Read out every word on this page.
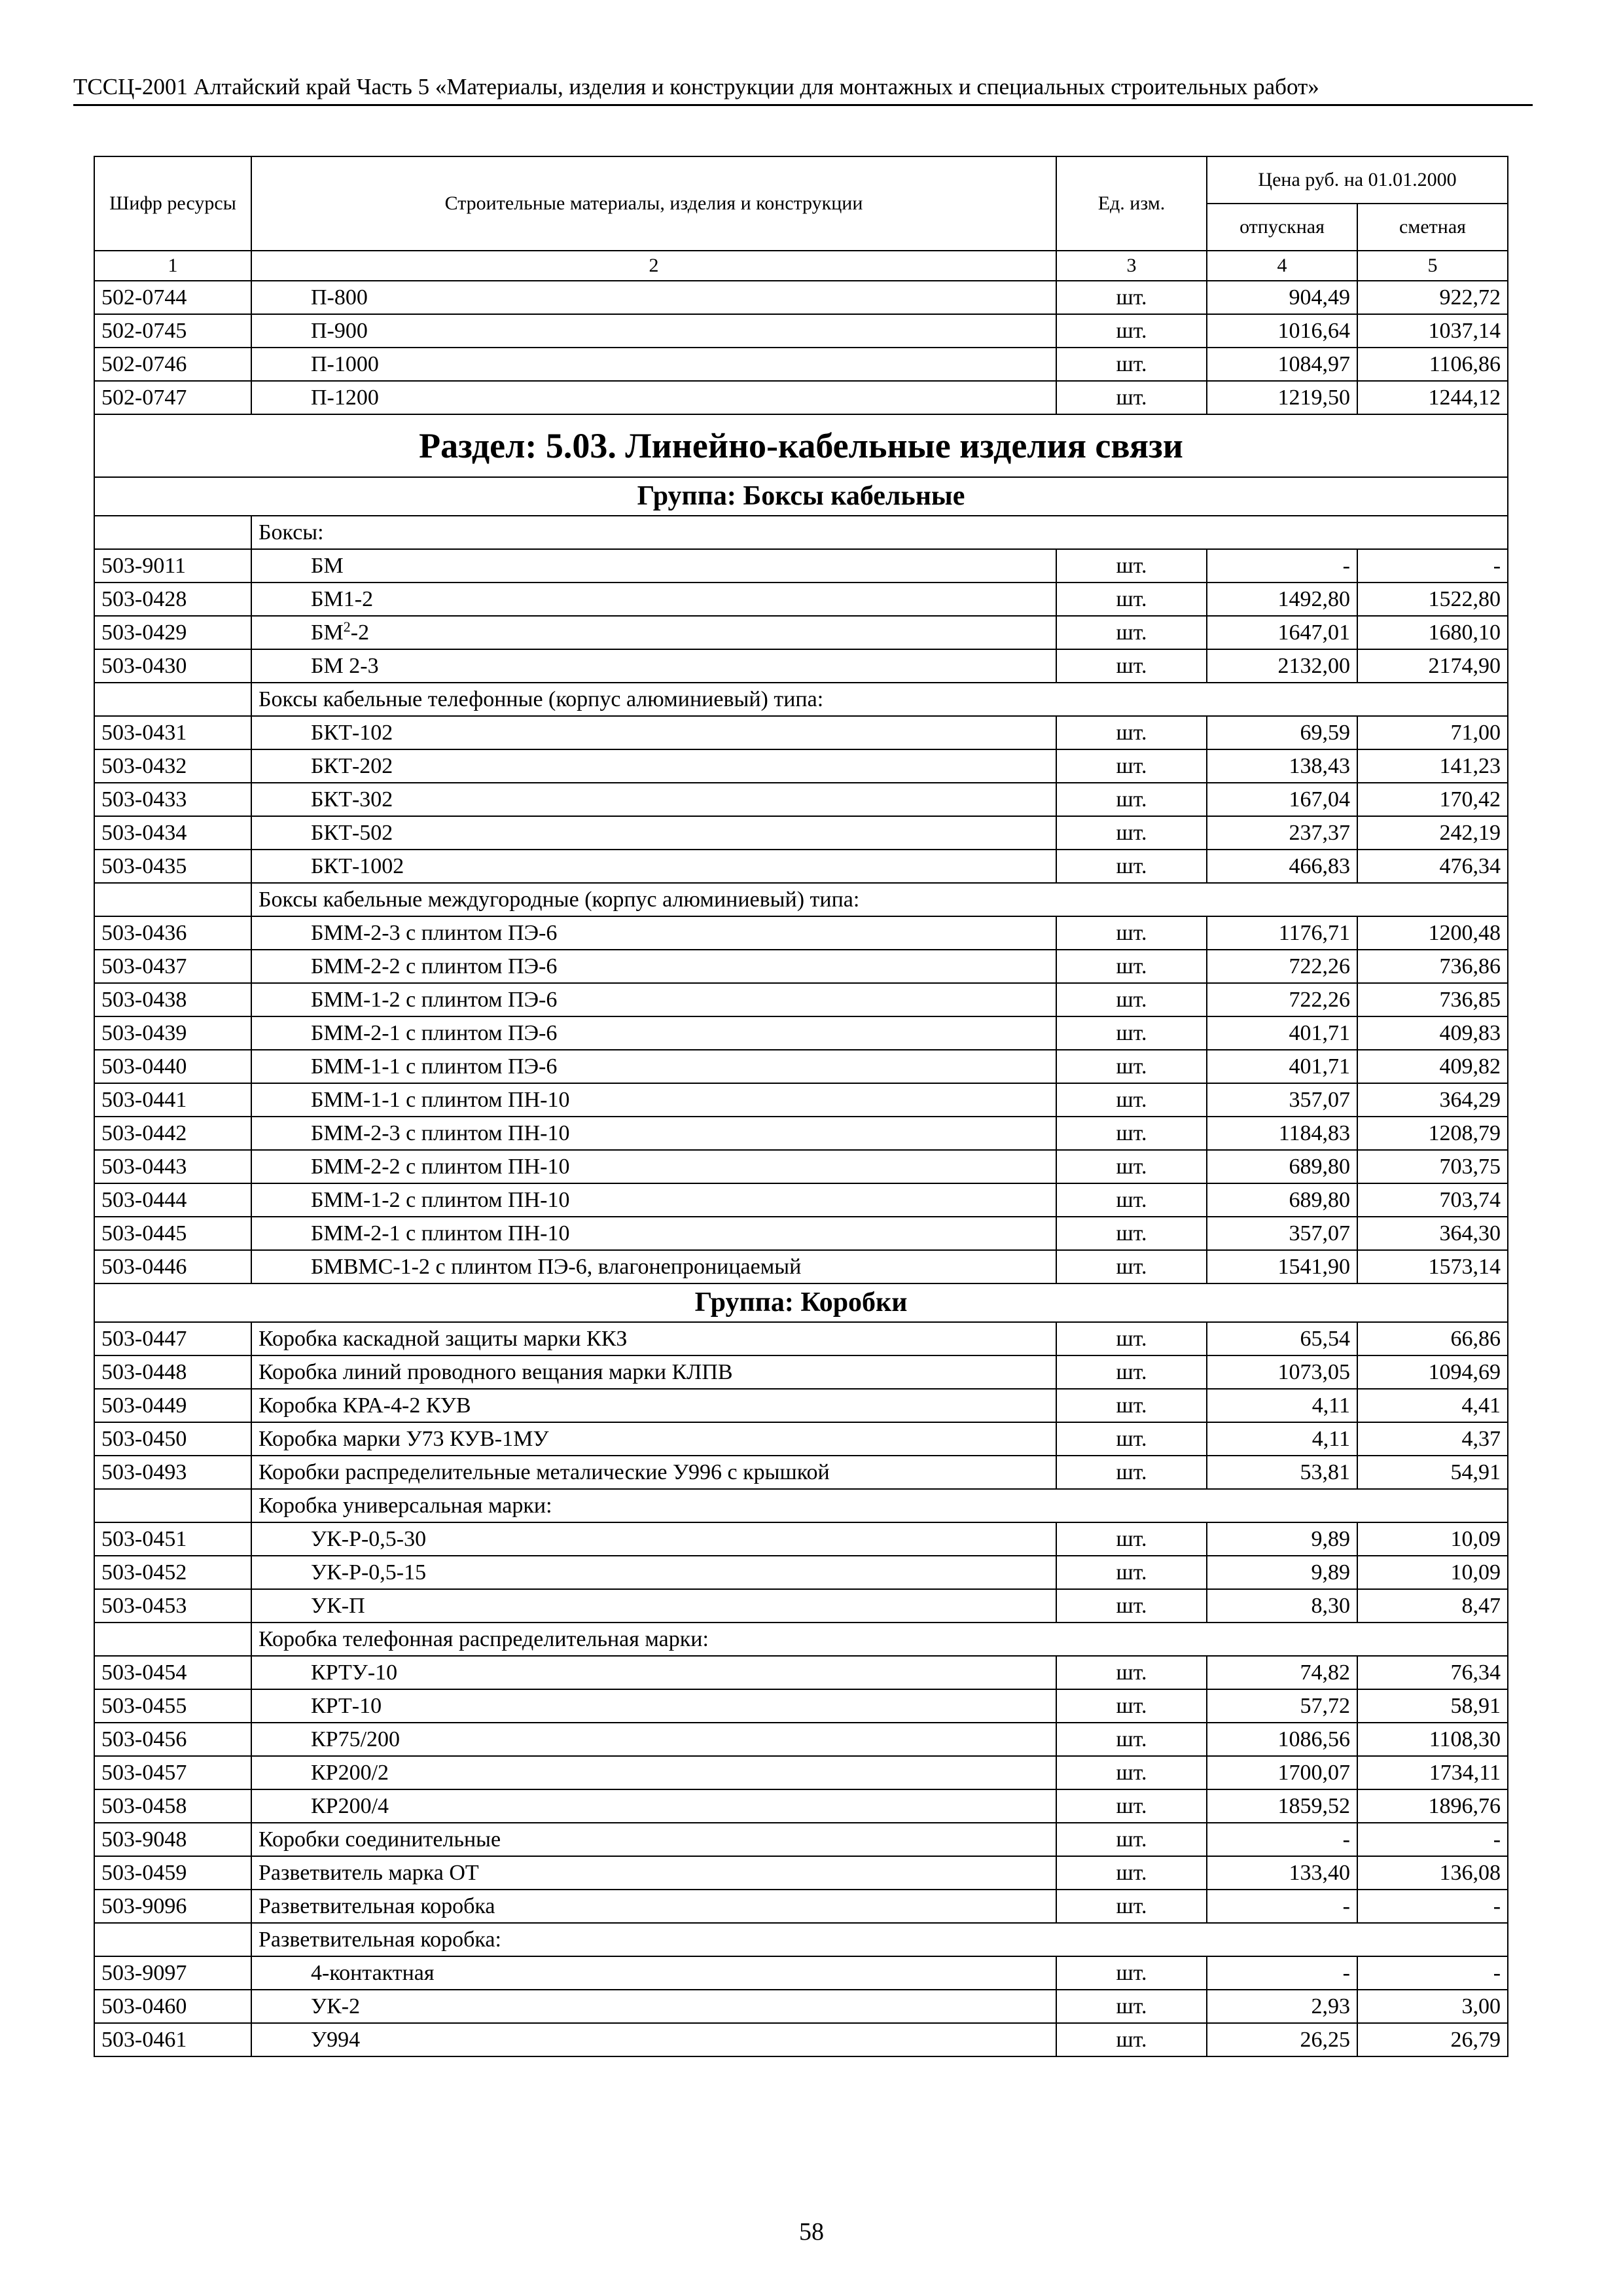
ТССЦ-2001 Алтайский край Часть 5 «Материалы, изделия и конструкции для монтажных и специальных строительных работ»
Шифр ресурсы	Строительные материалы, изделия и конструкции	Ед. изм.	Цена руб. на 01.01.2000	
			отпускная	сметная
1	2	3	4	5
502-0744	П-800	шт.	904,49	922,72
502-0745	П-900	шт.	1016,64	1037,14
502-0746	П-1000	шт.	1084,97	1106,86
502-0747	П-1200	шт.	1219,50	1244,12
Раздел: 5.03. Линейно-кабельные изделия связи				
Группа: Боксы кабельные				
	Боксы:			
503-9011	БМ	шт.	-	-
503-0428	БМ1-2	шт.	1492,80	1522,80
503-0429	$БМ^2-2$	шт.	1647,01	1680,10
503-0430	БМ 2-3	шт.	2132,00	2174,90
	Боксы кабельные телефонные (корпус алюминиевый) типа:			
503-0431	БКТ-102	шт.	69,59	71,00
503-0432	БКТ-202	шт.	138,43	141,23
503-0433	БКТ-302	шт.	167,04	170,42
503-0434	БКТ-502	шт.	237,37	242,19
503-0435	БКТ-1002	шт.	466,83	476,34
	Боксы кабельные междугородные (корпус алюминиевый) типа:			
503-0436	БММ-2-3 с плинтом ПЭ-6	шт.	1176,71	1200,48
503-0437	БММ-2-2 с плинтом ПЭ-6	шт.	722,26	736,86
503-0438	БММ-1-2 с плинтом ПЭ-6	шт.	722,26	736,85
503-0439	БММ-2-1 с плинтом ПЭ-6	шт.	401,71	409,83
503-0440	БММ-1-1 с плинтом ПЭ-6	шт.	401,71	409,82
503-0441	БММ-1-1 с плинтом ПН-10	шт.	357,07	364,29
503-0442	БММ-2-3 с плинтом ПН-10	шт.	1184,83	1208,79
503-0443	БММ-2-2 с плинтом ПН-10	шт.	689,80	703,75
503-0444	БММ-1-2 с плинтом ПН-10	шт.	689,80	703,74
503-0445	БММ-2-1 с плинтом ПН-10	шт.	357,07	364,30
503-0446	БМВМС-1-2 с плинтом ПЭ-6, влагонепроницаемый	шт.	1541,90	1573,14
Группа: Коробки				
503-0447	Коробка каскадной защиты марки ККЗ	шт.	65,54	66,86
503-0448	Коробка линий проводного вещания марки КЛПВ	шт.	1073,05	1094,69
503-0449	Коробка КРА-4-2 КУВ	шт.	4,11	4,41
503-0450	Коробка марки У73 КУВ-1МУ	шт.	4,11	4,37
503-0493	Коробки распределительные металические У996 с крышкой	шт.	53,81	54,91
	Коробка универсальная марки:			
503-0451	УК-Р-0,5-30	шт.	9,89	10,09
503-0452	УК-Р-0,5-15	шт.	9,89	10,09
503-0453	УК-П	шт.	8,30	8,47
	Коробка телефонная распределительная марки:			
503-0454	КРТУ-10	шт.	74,82	76,34
503-0455	КРТ-10	шт.	57,72	58,91
503-0456	КР75/200	шт.	1086,56	1108,30
503-0457	КР200/2	шт.	1700,07	1734,11
503-0458	КР200/4	шт.	1859,52	1896,76
503-9048	Коробки соединительные	шт.	-	-
503-0459	Разветвитель марка ОТ	шт.	133,40	136,08
503-9096	Разветвительная коробка	шт.	-	-
	Разветвительная коробка:			
503-9097	4-контактная	шт.	-	-
503-0460	УК-2	шт.	2,93	3,00
503-0461	У994	шт.	26,25	26,79
58
